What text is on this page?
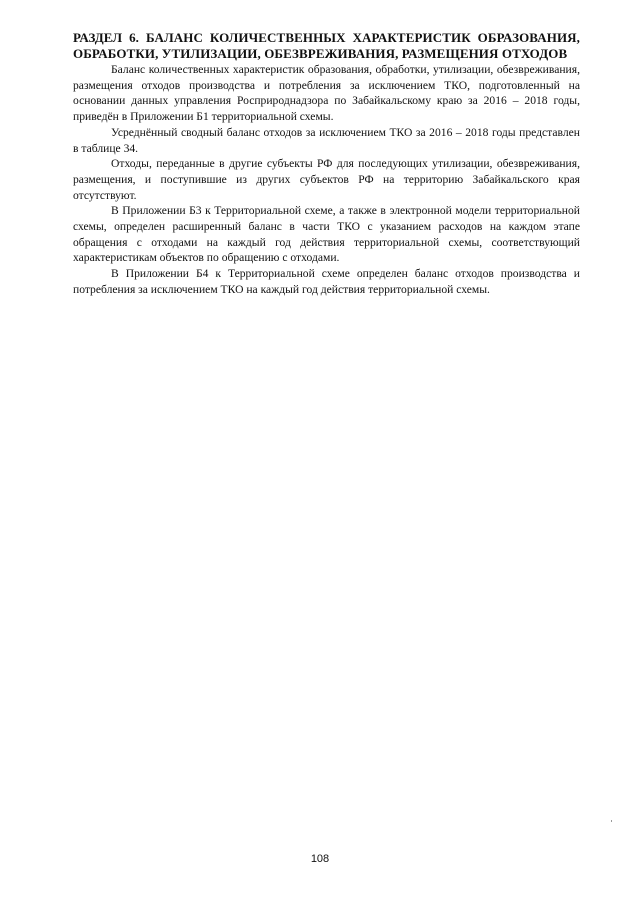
РАЗДЕЛ 6. БАЛАНС КОЛИЧЕСТВЕННЫХ ХАРАКТЕРИСТИК ОБРАЗОВАНИЯ, ОБРАБОТКИ, УТИЛИЗАЦИИ, ОБЕЗВРЕЖИВАНИЯ, РАЗМЕЩЕНИЯ ОТХОДОВ

Баланс количественных характеристик образования, обработки, утилизации, обезвреживания, размещения отходов производства и потребления за исключением ТКО, подготовленный на основании данных управления Росприроднадзора по Забайкальскому краю за 2016 – 2018 годы, приведён в Приложении Б1 территориальной схемы.

Усреднённый сводный баланс отходов за исключением ТКО за 2016 – 2018 годы представлен в таблице 34.

Отходы, переданные в другие субъекты РФ для последующих утилизации, обезвреживания, размещения, и поступившие из других субъектов РФ на территорию Забайкальского края отсутствуют.

В Приложении Б3 к Территориальной схеме, а также в электронной модели территориальной схемы, определен расширенный баланс в части ТКО с указанием расходов на каждом этапе обращения с отходами на каждый год действия территориальной схемы, соответствующий характеристикам объектов по обращению с отходами.

В Приложении Б4 к Территориальной схеме определен баланс отходов производства и потребления за исключением ТКО на каждый год действия территориальной схемы.

108
